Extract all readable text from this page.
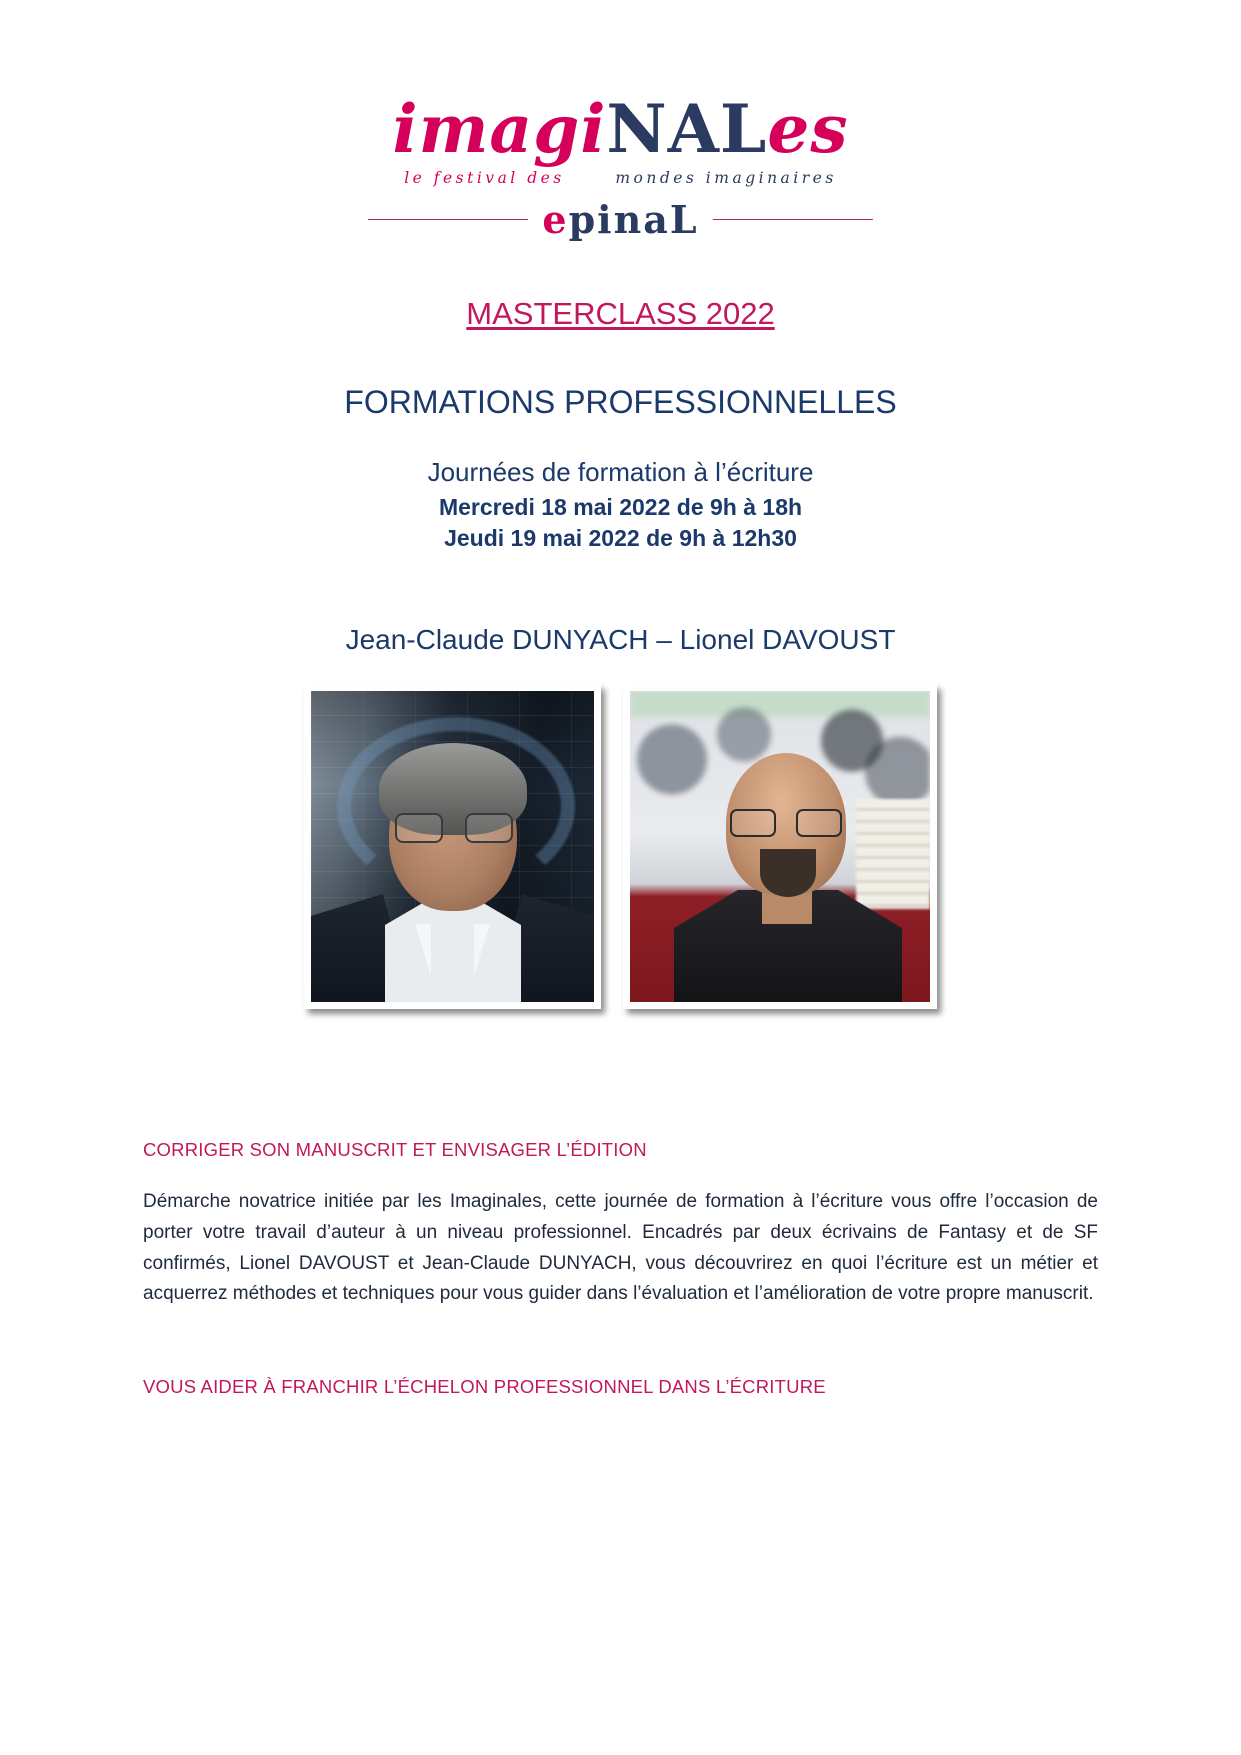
imagiNALes
le festival des	mondes imaginaires
epinaL
MASTERCLASS 2022
FORMATIONS PROFESSIONNELLES
Journées de formation à l’écriture
Mercredi 18 mai 2022 de 9h à 18h
Jeudi 19 mai 2022 de 9h à 12h30
Jean-Claude DUNYACH – Lionel DAVOUST
CORRIGER SON MANUSCRIT ET ENVISAGER L’ÉDITION
Démarche novatrice initiée par les Imaginales, cette journée de formation à l’écriture vous offre l’occasion de porter votre travail d’auteur à un niveau professionnel. Encadrés par deux écrivains de Fantasy et de SF confirmés, Lionel DAVOUST et Jean-Claude DUNYACH, vous découvrirez en quoi l’écriture est un métier et acquerrez méthodes et techniques pour vous guider dans l’évaluation et l’amélioration de votre propre manuscrit.
VOUS AIDER À FRANCHIR L’ÉCHELON PROFESSIONNEL DANS L’ÉCRITURE
